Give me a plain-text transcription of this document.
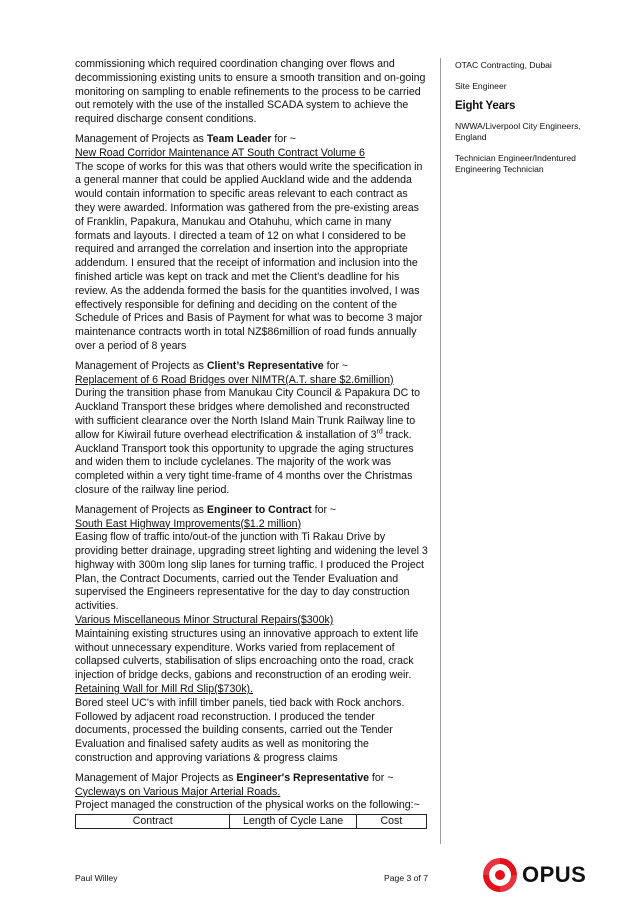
commissioning which required coordination changing over flows and decommissioning existing units to ensure a smooth transition and on-going monitoring on sampling to enable refinements to the process to be carried out remotely with the use of the installed SCADA system to achieve the required discharge consent conditions.

Management of Projects as Team Leader for ~

New Road Corridor Maintenance AT South Contract Volume 6

The scope of works for this was that others would write the specification in a general manner that could be applied Auckland wide and the addenda would contain information to specific areas relevant to each contract as they were awarded. Information was gathered from the pre-existing areas of Franklin, Papakura, Manukau and Otahuhu, which came in many formats and layouts. I directed a team of 12 on what I considered to be required and arranged the correlation and insertion into the appropriate addendum. I ensured that the receipt of information and inclusion into the finished article was kept on track and met the Client’s deadline for his review. As the addenda formed the basis for the quantities involved, I was effectively responsible for defining and deciding on the content of the Schedule of Prices and Basis of Payment for what was to become 3 major maintenance contracts worth in total NZ$86million of road funds annually over a period of 8 years

Management of Projects as Client’s Representative for ~

Replacement of 6 Road Bridges over NIMTR(A.T. share $2.6million)

During the transition phase from Manukau City Council & Papakura DC to Auckland Transport these bridges where demolished and reconstructed with sufficient clearance over the North Island Main Trunk Railway line to allow for Kiwirail future overhead electrification & installation of 3rd track. Auckland Transport took this opportunity to upgrade the aging structures and widen them to include cyclelanes. The majority of the work was completed within a very tight time-frame of 4 months over the Christmas closure of the railway line period.

Management of Projects as Engineer to Contract for ~

South East Highway Improvements($1.2 million)

Easing flow of traffic into/out-of the junction with Ti Rakau Drive by providing better drainage, upgrading street lighting and widening the level 3 highway with 300m long slip lanes for turning traffic. I produced the Project Plan, the Contract Documents, carried out the Tender Evaluation and supervised the Engineers representative for the day to day construction activities.

Various Miscellaneous Minor Structural Repairs($300k)

Maintaining existing structures using an innovative approach to extent life without unnecessary expenditure. Works varied from replacement of collapsed culverts, stabilisation of slips encroaching onto the road, crack injection of bridge decks, gabions and reconstruction of an eroding weir.

Retaining Wall for Mill Rd Slip($730k).

Bored steel UC's with infill timber panels, tied back with Rock anchors. Followed by adjacent road reconstruction. I produced the tender documents, processed the building consents, carried out the Tender Evaluation and finalised safety audits as well as monitoring the construction and approving variations & progress claims

Management of Major Projects as Engineer's Representative for ~

Cycleways on Various Major Arterial Roads.

Project managed the construction of the physical works on the following:~

Contract	Length of Cycle Lane	Cost

OTAC Contracting, Dubai

Site Engineer

Eight Years

NWWA/Liverpool City Engineers, England

Technician Engineer/Indentured Engineering Technician

Paul Willey	Page 3 of 7	OPUS
